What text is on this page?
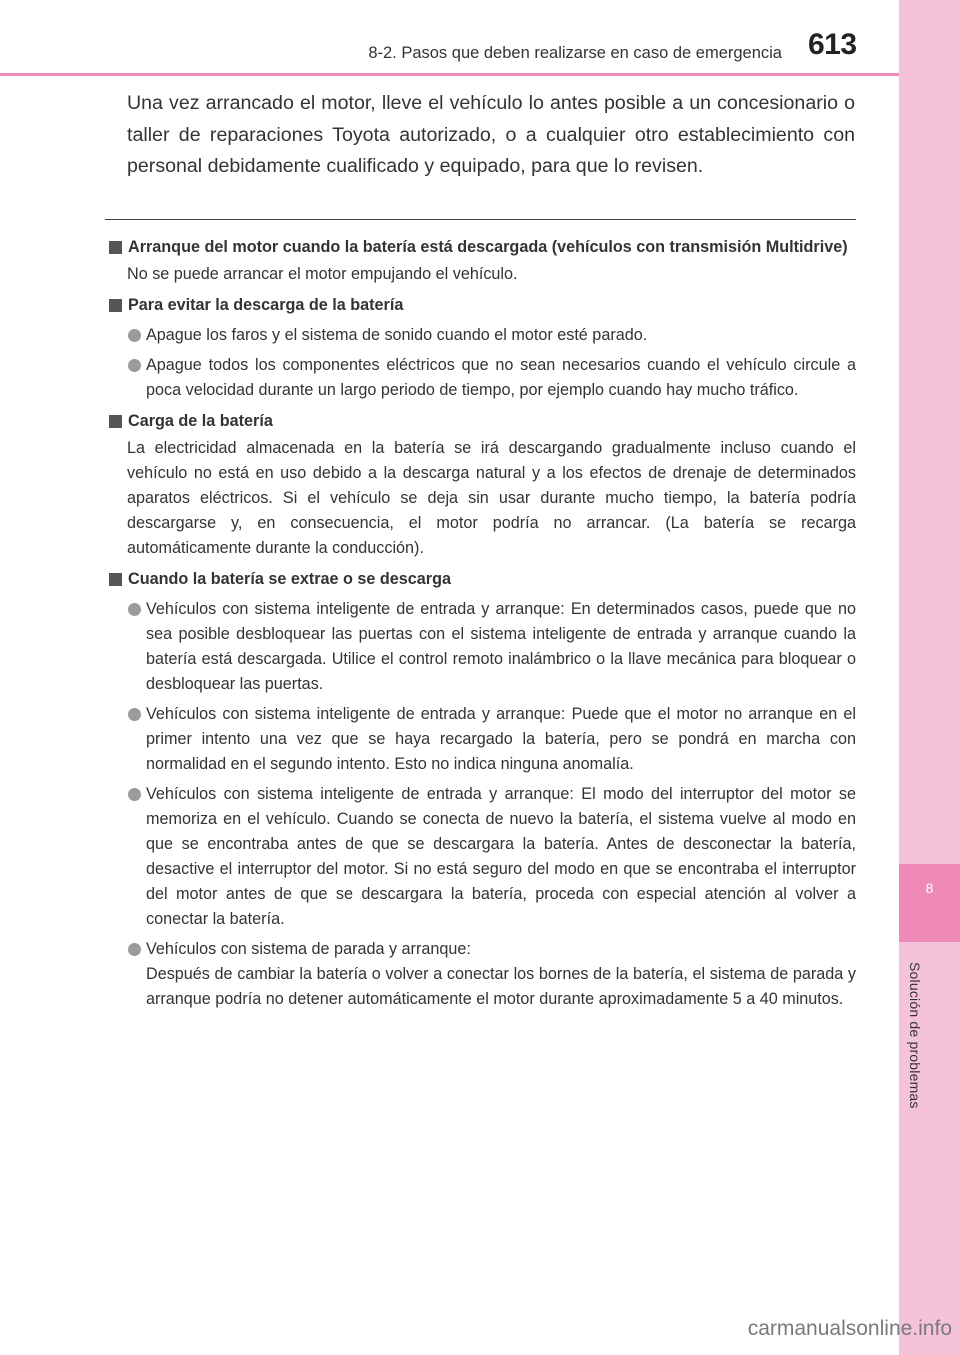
8
Solución de problemas
8-2. Pasos que deben realizarse en caso de emergencia 613
Una vez arrancado el motor, lleve el vehículo lo antes posible a un concesionario o taller de reparaciones Toyota autorizado, o a cualquier otro establecimiento con personal debidamente cualificado y equipado, para que lo revisen.
Arranque del motor cuando la batería está descargada (vehículos con transmisión Multidrive)
No se puede arrancar el motor empujando el vehículo.
Para evitar la descarga de la batería
Apague los faros y el sistema de sonido cuando el motor esté parado.
Apague todos los componentes eléctricos que no sean necesarios cuando el vehículo circule a poca velocidad durante un largo periodo de tiempo, por ejemplo cuando hay mucho tráfico.
Carga de la batería
La electricidad almacenada en la batería se irá descargando gradualmente incluso cuando el vehículo no está en uso debido a la descarga natural y a los efectos de drenaje de determinados aparatos eléctricos. Si el vehículo se deja sin usar durante mucho tiempo, la batería podría descargarse y, en consecuencia, el motor podría no arrancar. (La batería se recarga automáticamente durante la conducción).
Cuando la batería se extrae o se descarga
Vehículos con sistema inteligente de entrada y arranque: En determinados casos, puede que no sea posible desbloquear las puertas con el sistema inteligente de entrada y arranque cuando la batería está descargada. Utilice el control remoto inalámbrico o la llave mecánica para bloquear o desbloquear las puertas.
Vehículos con sistema inteligente de entrada y arranque: Puede que el motor no arranque en el primer intento una vez que se haya recargado la batería, pero se pondrá en marcha con normalidad en el segundo intento. Esto no indica ninguna anomalía.
Vehículos con sistema inteligente de entrada y arranque: El modo del interruptor del motor se memoriza en el vehículo. Cuando se conecta de nuevo la batería, el sistema vuelve al modo en que se encontraba antes de que se descargara la batería. Antes de desconectar la batería, desactive el interruptor del motor. Si no está seguro del modo en que se encontraba el interruptor del motor antes de que se descargara la batería, proceda con especial atención al volver a conectar la batería.
Vehículos con sistema de parada y arranque:
Después de cambiar la batería o volver a conectar los bornes de la batería, el sistema de parada y arranque podría no detener automáticamente el motor durante aproximadamente 5 a 40 minutos.
carmanualsonline.info
